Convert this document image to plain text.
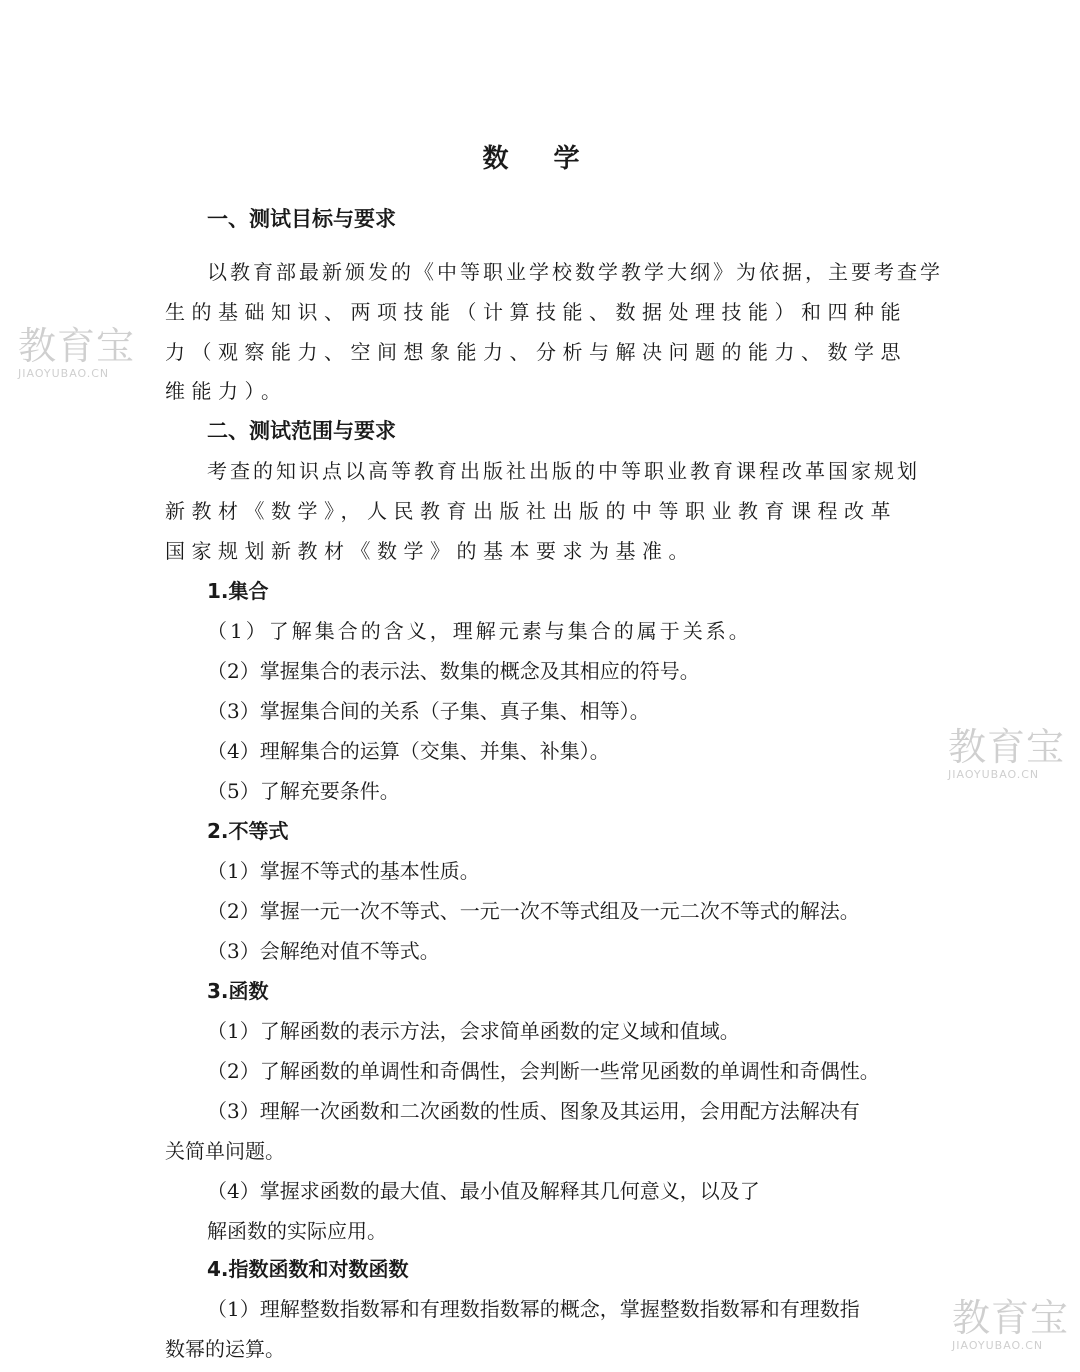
数 学
一、测试目标与要求
以教育部最新颁发的《中等职业学校数学教学大纲》为依据，主要考查学
生的基础知识、两项技能（计算技能、数据处理技能）和四种能
力（观察能力、空间想象能力、分析与解决问题的能力、数学思
维能力）。
二、测试范围与要求
考查的知识点以高等教育出版社出版的中等职业教育课程改革国家规划
新教材《数学》，人民教育出版社出版的中等职业教育课程改革
国家规划新教材《数学》的基本要求为基准。
1.集合
（1）了解集合的含义，理解元素与集合的属于关系。
（2）掌握集合的表示法、数集的概念及其相应的符号。
（3）掌握集合间的关系（子集、真子集、相等）。
（4）理解集合的运算（交集、并集、补集）。
（5）了解充要条件。
2.不等式
（1）掌握不等式的基本性质。
（2）掌握一元一次不等式、一元一次不等式组及一元二次不等式的解法。
（3）会解绝对值不等式。
3.函数
（1）了解函数的表示方法，会求简单函数的定义域和值域。
（2）了解函数的单调性和奇偶性，会判断一些常见函数的单调性和奇偶性。
（3）理解一次函数和二次函数的性质、图象及其运用，会用配方法解决有
关简单问题。
（4）掌握求函数的最大值、最小值及解释其几何意义，以及了
解函数的实际应用。
4.指数函数和对数函数
（1）理解整数指数幂和有理数指数幂的概念，掌握整数指数幂和有理数指
数幂的运算。
教育宝
JIAOYUBAO.CN
教育宝
JIAOYUBAO.CN
教育宝
JIAOYUBAO.CN
